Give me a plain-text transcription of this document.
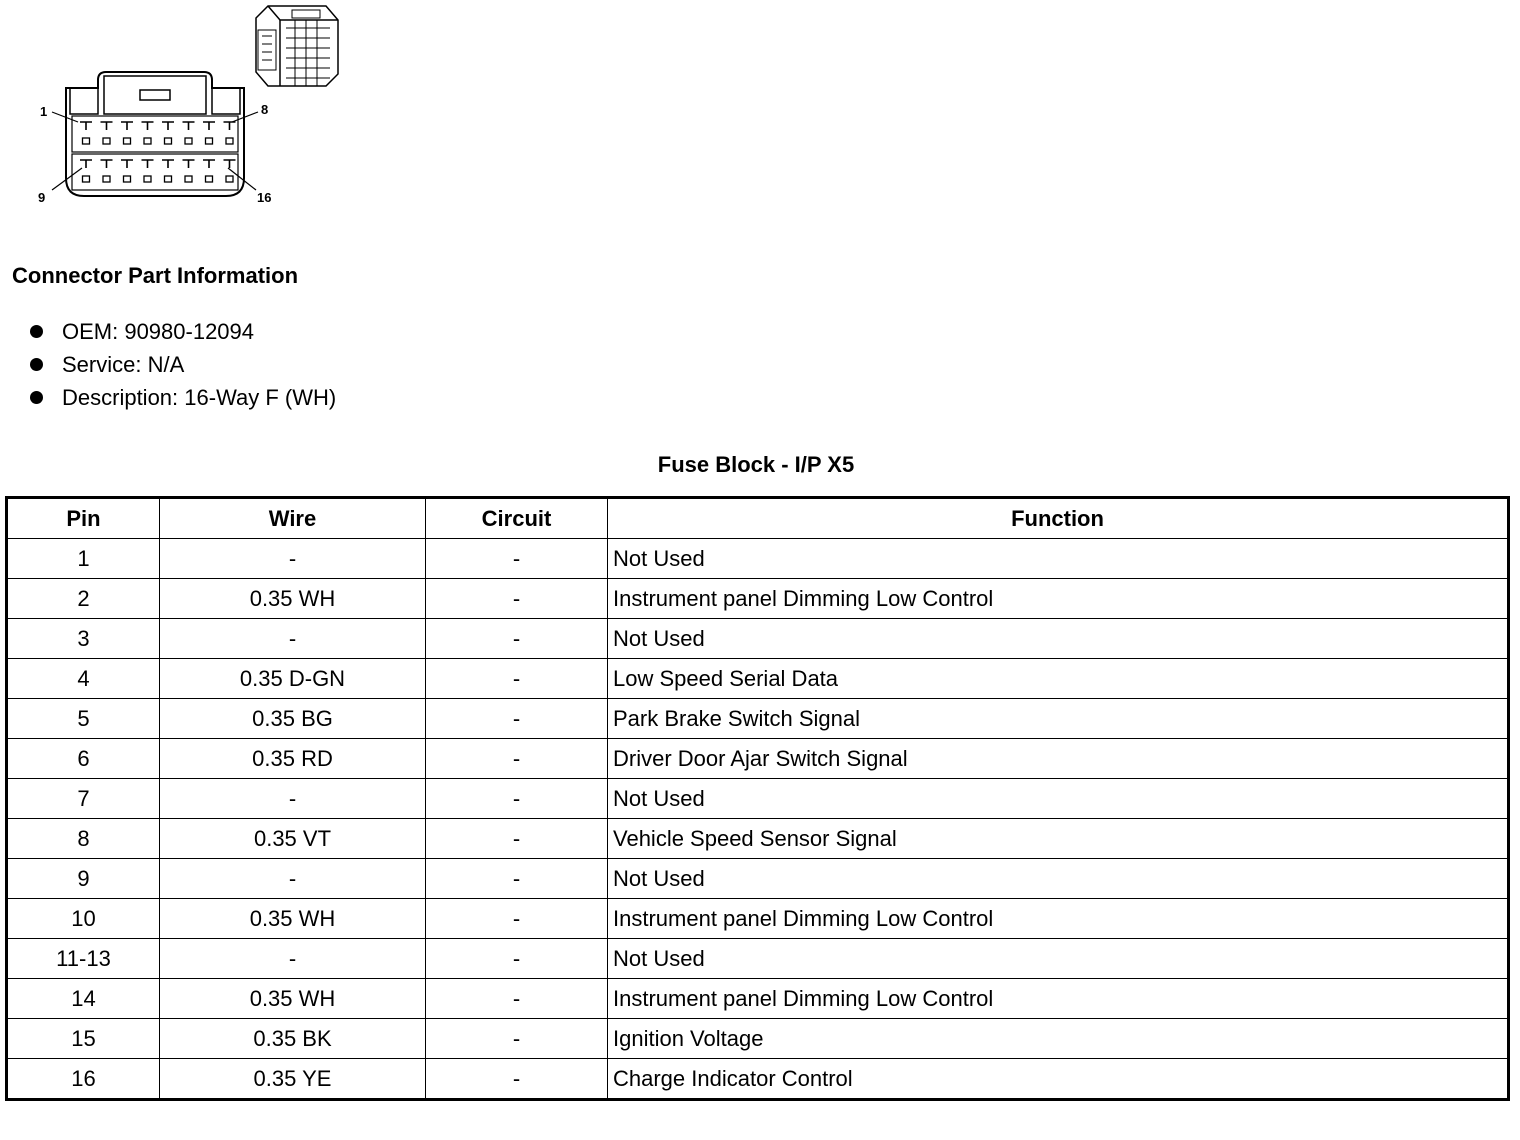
1	8
9	16
Connector Part Information
OEM: 90980-12094
Service: N/A
Description: 16-Way F (WH)
Fuse Block - I/P X5
Pin	Wire	Circuit	Function
1	-	-	Not Used
2	0.35 WH	-	Instrument panel Dimming Low Control
3	-	-	Not Used
4	0.35 D-GN	-	Low Speed Serial Data
5	0.35 BG	-	Park Brake Switch Signal
6	0.35 RD	-	Driver Door Ajar Switch Signal
7	-	-	Not Used
8	0.35 VT	-	Vehicle Speed Sensor Signal
9	-	-	Not Used
10	0.35 WH	-	Instrument panel Dimming Low Control
11-13	-	-	Not Used
14	0.35 WH	-	Instrument panel Dimming Low Control
15	0.35 BK	-	Ignition Voltage
16	0.35 YE	-	Charge Indicator Control
